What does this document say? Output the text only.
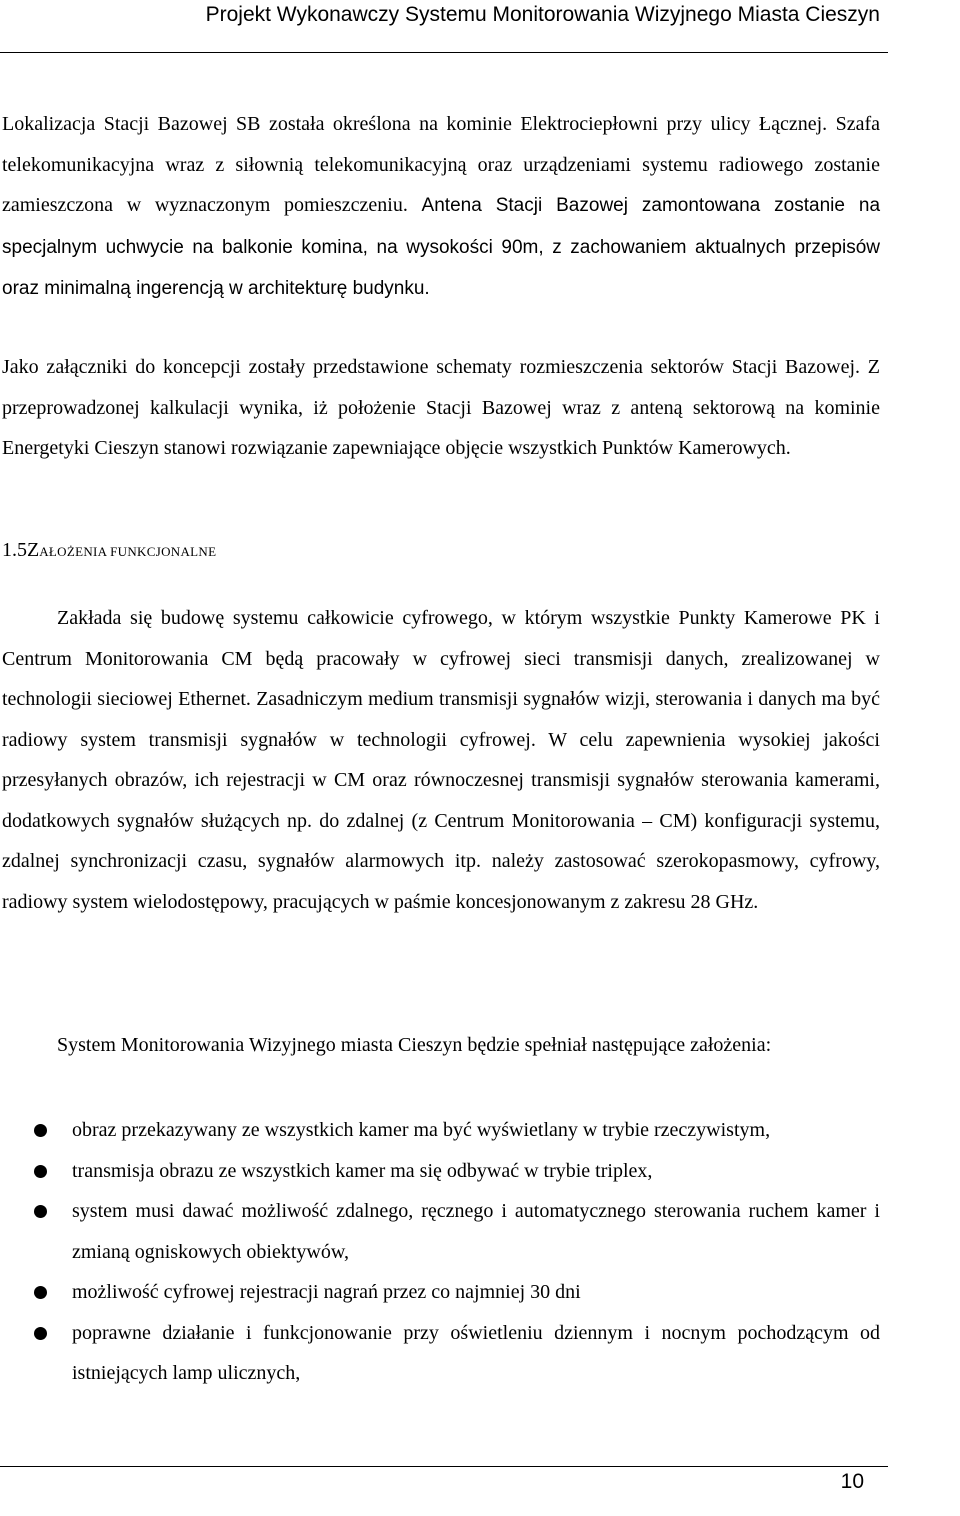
Projekt Wykonawczy Systemu Monitorowania Wizyjnego Miasta Cieszyn

Lokalizacja Stacji Bazowej SB została określona na kominie Elektrociepłowni przy ulicy Łącznej. Szafa telekomunikacyjna wraz z siłownią telekomunikacyjną oraz urządzeniami systemu radiowego zostanie zamieszczona w wyznaczonym pomieszczeniu. Antena Stacji Bazowej zamontowana zostanie na specjalnym uchwycie na balkonie komina, na wysokości 90m, z zachowaniem aktualnych przepisów oraz minimalną ingerencją w architekturę budynku.

Jako załączniki do koncepcji zostały przedstawione schematy rozmieszczenia sektorów Stacji Bazowej. Z przeprowadzonej kalkulacji wynika, iż położenie Stacji Bazowej wraz z anteną sektorową na kominie Energetyki Cieszyn stanowi rozwiązanie zapewniające objęcie wszystkich Punktów Kamerowych.

1.5ZAŁOŻENIA FUNKCJONALNE

Zakłada się budowę systemu całkowicie cyfrowego, w którym wszystkie Punkty Kamerowe PK i Centrum Monitorowania CM będą pracowały w cyfrowej sieci transmisji danych, zrealizowanej w technologii sieciowej Ethernet. Zasadniczym medium transmisji sygnałów wizji, sterowania i danych ma być radiowy system transmisji sygnałów w technologii cyfrowej. W celu zapewnienia wysokiej jakości przesyłanych obrazów, ich rejestracji w CM oraz równoczesnej transmisji sygnałów sterowania kamerami, dodatkowych sygnałów służących np. do zdalnej (z Centrum Monitorowania – CM) konfiguracji systemu, zdalnej synchronizacji czasu, sygnałów alarmowych itp. należy zastosować szerokopasmowy, cyfrowy, radiowy system wielodostępowy, pracujących w paśmie koncesjonowanym z zakresu 28 GHz.

System Monitorowania Wizyjnego miasta Cieszyn będzie spełniał następujące założenia:

obraz przekazywany ze wszystkich kamer ma być wyświetlany w trybie rzeczywistym,
transmisja obrazu ze wszystkich kamer ma się odbywać w trybie triplex,
system musi dawać możliwość zdalnego, ręcznego i automatycznego sterowania ruchem kamer i zmianą ogniskowych obiektywów,
możliwość cyfrowej rejestracji nagrań przez co najmniej 30 dni
poprawne działanie i funkcjonowanie przy oświetleniu dziennym i nocnym pochodzącym od istniejących lamp ulicznych,
10
